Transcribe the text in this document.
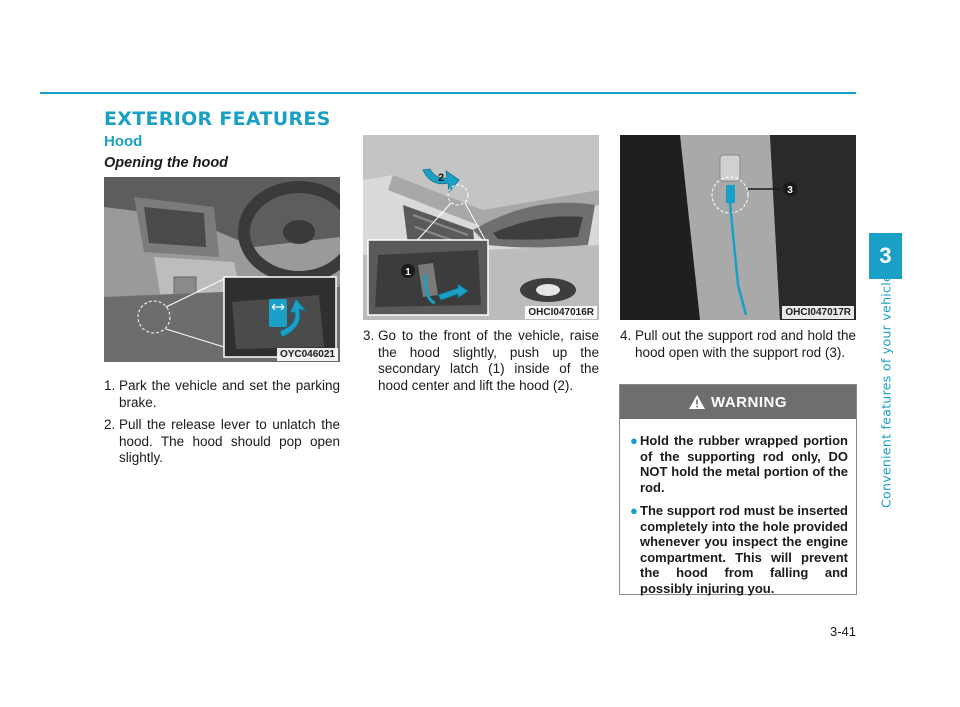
EXTERIOR FEATURES
Hood
Opening the hood
OYC046021
2
1
OHCI047016R
3
OHCI047017R
1. Park the vehicle and set the parking brake.
2. Pull the release lever to unlatch the hood. The hood should pop open slightly.
3. Go to the front of the vehicle, raise the hood slightly, push up the secondary latch (1) inside of the hood center and lift the hood (2).
4. Pull out the support rod and hold the hood open with the support rod (3).
WARNING
● Hold the rubber wrapped portion of the supporting rod only, DO NOT hold the metal portion of the rod.
● The support rod must be inserted completely into the hole provided whenever you inspect the engine compartment. This will prevent the hood from falling and possibly injuring you.
3
Convenient features of your vehicle
3-41
